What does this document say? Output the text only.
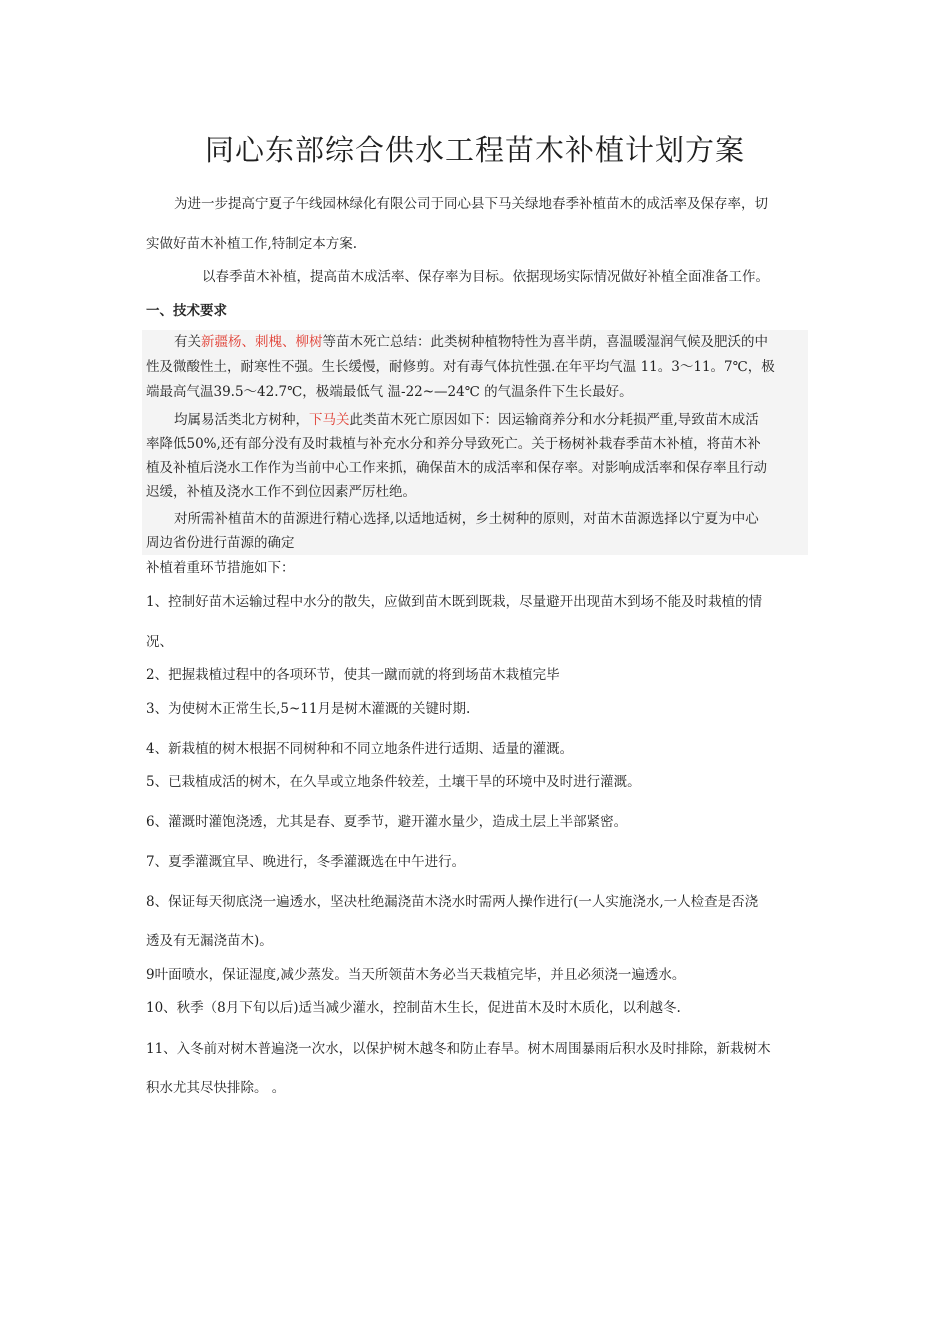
同心东部综合供水工程苗木补植计划方案
为进一步提高宁夏子午线园林绿化有限公司于同心县下马关绿地春季补植苗木的成活率及保存率，切
实做好苗木补植工作,特制定本方案.
以春季苗木补植，提高苗木成活率、保存率为目标。依据现场实际情况做好补植全面准备工作。
一、技术要求
有关新疆杨、刺槐、柳树等苗木死亡总结：此类树种植物特性为喜半荫，喜温暖湿润气候及肥沃的中
性及微酸性土，耐寒性不强。生长缓慢，耐修剪。对有毒气体抗性强.在年平均气温 11。3～11。7℃，极
端最高气温39.5～42.7℃，极端最低气 温-22~—24℃ 的气温条件下生长最好。
均属易活类北方树种，下马关此类苗木死亡原因如下：因运输商养分和水分耗损严重,导致苗木成活
率降低50%,还有部分没有及时栽植与补充水分和养分导致死亡。关于杨树补栽春季苗木补植，将苗木补
植及补植后浇水工作作为当前中心工作来抓，确保苗木的成活率和保存率。对影响成活率和保存率且行动
迟缓，补植及浇水工作不到位因素严厉杜绝。
对所需补植苗木的苗源进行精心选择,以适地适树，乡土树种的原则，对苗木苗源选择以宁夏为中心
周边省份进行苗源的确定
补植着重环节措施如下：
1、控制好苗木运输过程中水分的散失，应做到苗木既到既栽，尽量避开出现苗木到场不能及时栽植的情
况、
2、把握栽植过程中的各项环节，使其一蹴而就的将到场苗木栽植完毕
3、为使树木正常生长,5~11月是树木灌溉的关键时期.
4、新栽植的树木根据不同树种和不同立地条件进行适期、适量的灌溉。
5、已栽植成活的树木，在久旱或立地条件较差，土壤干旱的环境中及时进行灌溉。
6、灌溉时灌饱浇透，尤其是春、夏季节，避开灌水量少，造成土层上半部紧密。
7、夏季灌溉宜早、晚进行，冬季灌溉选在中午进行。
8、保证每天彻底浇一遍透水，坚决杜绝漏浇苗木浇水时需两人操作进行(一人实施浇水,一人检查是否浇
透及有无漏浇苗木)。
9叶面喷水，保证湿度,减少蒸发。当天所领苗木务必当天栽植完毕，并且必须浇一遍透水。
10、秋季（8月下旬以后)适当减少灌水，控制苗木生长，促进苗木及时木质化，以利越冬.
11、入冬前对树木普遍浇一次水，以保护树木越冬和防止春旱。树木周围暴雨后积水及时排除，新栽树木
积水尤其尽快排除。 。
